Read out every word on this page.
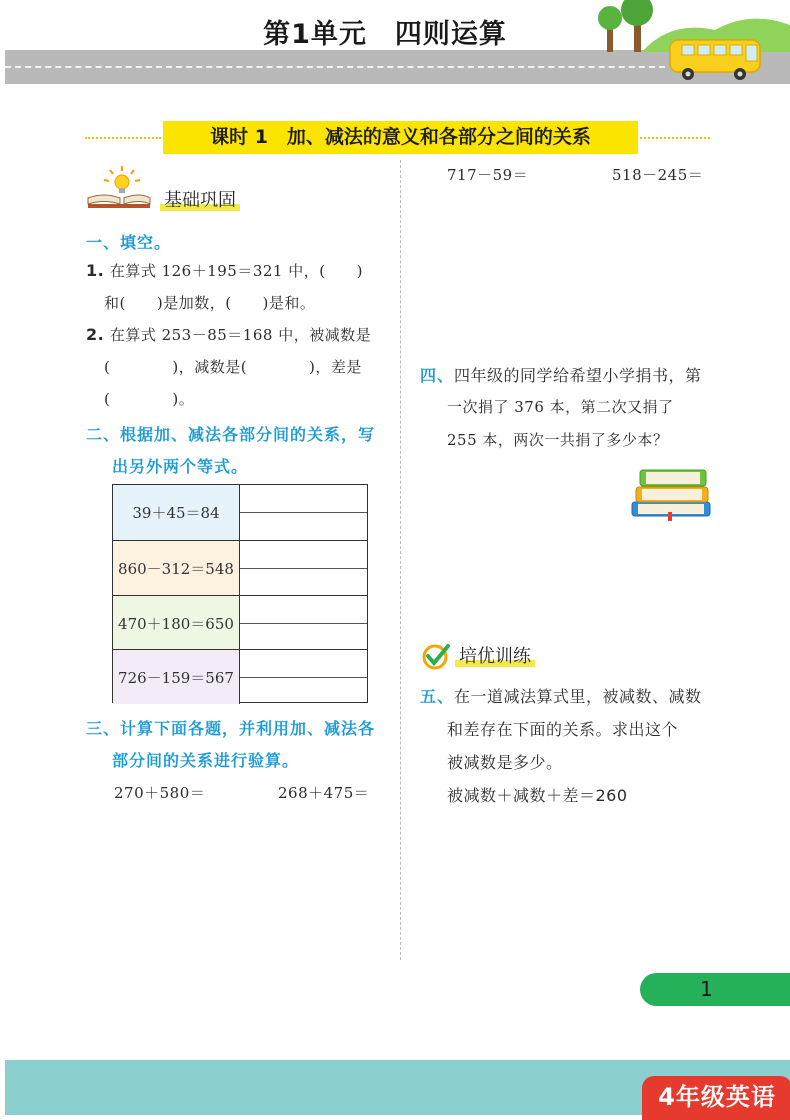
第1单元　四则运算
课时 1　加、减法的意义和各部分之间的关系
基础巩固
一、填空。
1. 在算式 126＋195＝321 中，(　　)
和(　　)是加数，(　　)是和。
2. 在算式 253－85＝168 中，被减数是
(　　　　)，减数是(　　　　)，差是
(　　　　)。
二、根据加、减法各部分间的关系，写
出另外两个等式。
39＋45＝84
860－312＝548
470＋180＝650
726－159＝567
三、计算下面各题，并利用加、减法各
部分间的关系进行验算。
270＋580＝	268＋475＝
717－59＝	518－245＝
四、四年级的同学给希望小学捐书，第
一次捐了 376 本，第二次又捐了
255 本，两次一共捐了多少本？
培优训练
五、在一道减法算式里，被减数、减数
和差存在下面的关系。求出这个
被减数是多少。
被减数＋减数＋差＝260
1
4年级英语
